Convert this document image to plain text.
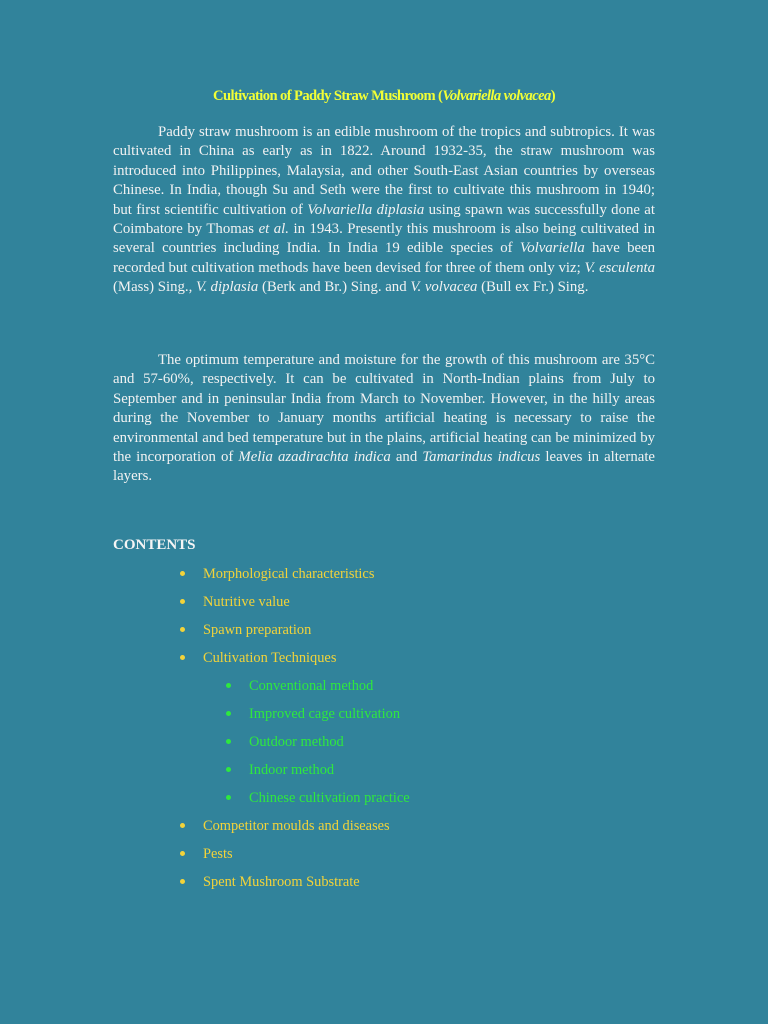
Cultivation of Paddy Straw Mushroom (Volvariella volvacea)

Paddy straw mushroom is an edible mushroom of the tropics and subtropics. It was cultivated in China as early as in 1822. Around 1932-35, the straw mushroom was introduced into Philippines, Malaysia, and other South-East Asian countries by overseas Chinese. In India, though Su and Seth were the first to cultivate this mushroom in 1940; but first scientific cultivation of Volvariella diplasia using spawn was successfully done at Coimbatore by Thomas et al. in 1943. Presently this mushroom is also being cultivated in several countries including India. In India 19 edible species of Volvariella have been recorded but cultivation methods have been devised for three of them only viz; V. esculenta (Mass) Sing., V. diplasia (Berk and Br.) Sing. and V. volvacea (Bull ex Fr.) Sing.

The optimum temperature and moisture for the growth of this mushroom are 35°C and 57-60%, respectively. It can be cultivated in North-Indian plains from July to September and in peninsular India from March to November. However, in the hilly areas during the November to January months artificial heating is necessary to raise the environmental and bed temperature but in the plains, artificial heating can be minimized by the incorporation of Melia azadirachta indica and Tamarindus indicus leaves in alternate layers.

CONTENTS
Morphological characteristics
Nutritive value
Spawn preparation
Cultivation Techniques
Conventional method
Improved cage cultivation
Outdoor method
Indoor method
Chinese cultivation practice
Competitor moulds and diseases
Pests
Spent Mushroom Substrate
